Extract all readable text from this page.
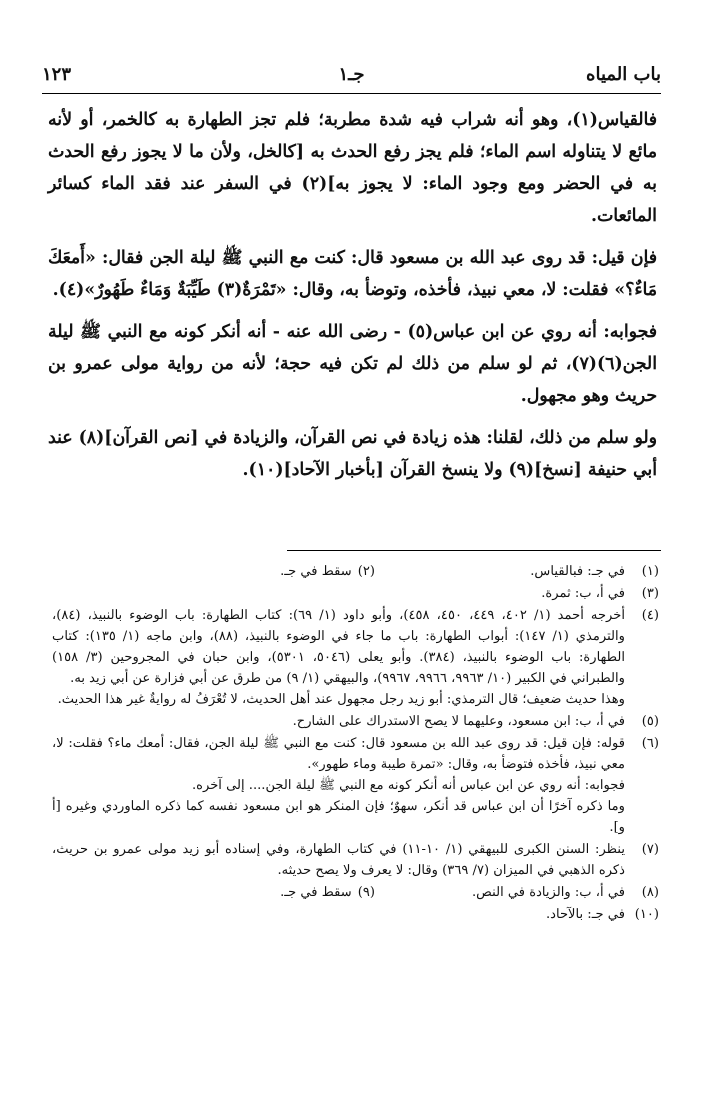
باب المياه
جـ١
١٢٣

فالقياس(١)، وهو أنه شراب فيه شدة مطربة؛ فلم تجز الطهارة به كالخمر، أو لأنه مائع لا يتناوله اسم الماء؛ فلم يجز رفع الحدث به [كالخل، ولأن ما لا يجوز رفع الحدث به في الحضر ومع وجود الماء: لا يجوز به](٢) في السفر عند فقد الماء كسائر المائعات.

فإن قيل: قد روى عبد الله بن مسعود قال: كنت مع النبي ﷺ ليلة الجن فقال: «أَمعَكَ مَاءٌ؟» فقلت: لا، معي نبيذ، فأخذه، وتوضأ به، وقال: «تَمْرَةٌ(٣) طَيِّبَةٌ وَمَاءٌ طَهُورٌ»(٤).

فجوابه: أنه روي عن ابن عباس(٥) - رضى الله عنه - أنه أنكر كونه مع النبي ﷺ ليلة الجن(٦)(٧)، ثم لو سلم من ذلك لم تكن فيه حجة؛ لأنه من رواية مولى عمرو بن حريث وهو مجهول.

ولو سلم من ذلك، لقلنا: هذه زيادة في نص القرآن، والزيادة في [نص القرآن](٨) عند أبي حنيفة [نسخ](٩) ولا ينسخ القرآن [بأخبار الآحاد](١٠).

(١)
في جـ: فبالقياس.
(٢)
سقط في جـ.
(٣)
في أ، ب: ثمرة.
(٤)
أخرجه أحمد (١/ ٤٠٢، ٤٤٩، ٤٥٠، ٤٥٨)، وأبو داود (١/ ٦٩): كتاب الطهارة: باب الوضوء بالنبيذ، (٨٤)، والترمذي (١/ ١٤٧): أبواب الطهارة: باب ما جاء في الوضوء بالنبيذ، (٨٨)، وابن ماجه (١/ ١٣٥): كتاب الطهارة: باب الوضوء بالنبيذ، (٣٨٤). وأبو يعلى (٥٠٤٦، ٥٣٠١)، وابن حبان في المجروحين (٣/ ١٥٨) والطبراني في الكبير (١٠/ ٩٩٦٣، ٩٩٦٦، ٩٩٦٧)، والبيهقي (١/ ٩) من طرق عن أبي فزارة عن أبي زيد به.
وهذا حديث ضعيف؛ قال الترمذي: أبو زيد رجل مجهول عند أهل الحديث، لا تُعْرَفُ له روايةٌ غير هذا الحديث.
(٥)
في أ، ب: ابن مسعود، وعليهما لا يصح الاستدراك على الشارح.
(٦)
قوله: فإن قيل: قد روى عبد الله بن مسعود قال: كنت مع النبي ﷺ ليلة الجن، فقال: أمعك ماء؟ فقلت: لا، معي نبيذ، فأخذه فتوضأ به، وقال: «تمرة طيبة وماء طهور».
فجوابه: أنه روي عن ابن عباس أنه أنكر كونه مع النبي ﷺ ليلة الجن.... إلى آخره.
وما ذكره آخرًا أن ابن عباس قد أنكر، سهوٌ؛ فإن المنكر هو ابن مسعود نفسه كما ذكره الماوردي وغيره [أ و].
(٧)
ينظر: السنن الكبرى للبيهقي (١/ ١٠-١١) في كتاب الطهارة، وفي إسناده أبو زيد مولى عمرو بن حريث، ذكره الذهبي في الميزان (٧/ ٣٦٩) وقال: لا يعرف ولا يصح حديثه.
(٨)
في أ، ب: والزيادة في النص.
(٩)
سقط في جـ.
(١٠)
في جـ: بالآحاد.
